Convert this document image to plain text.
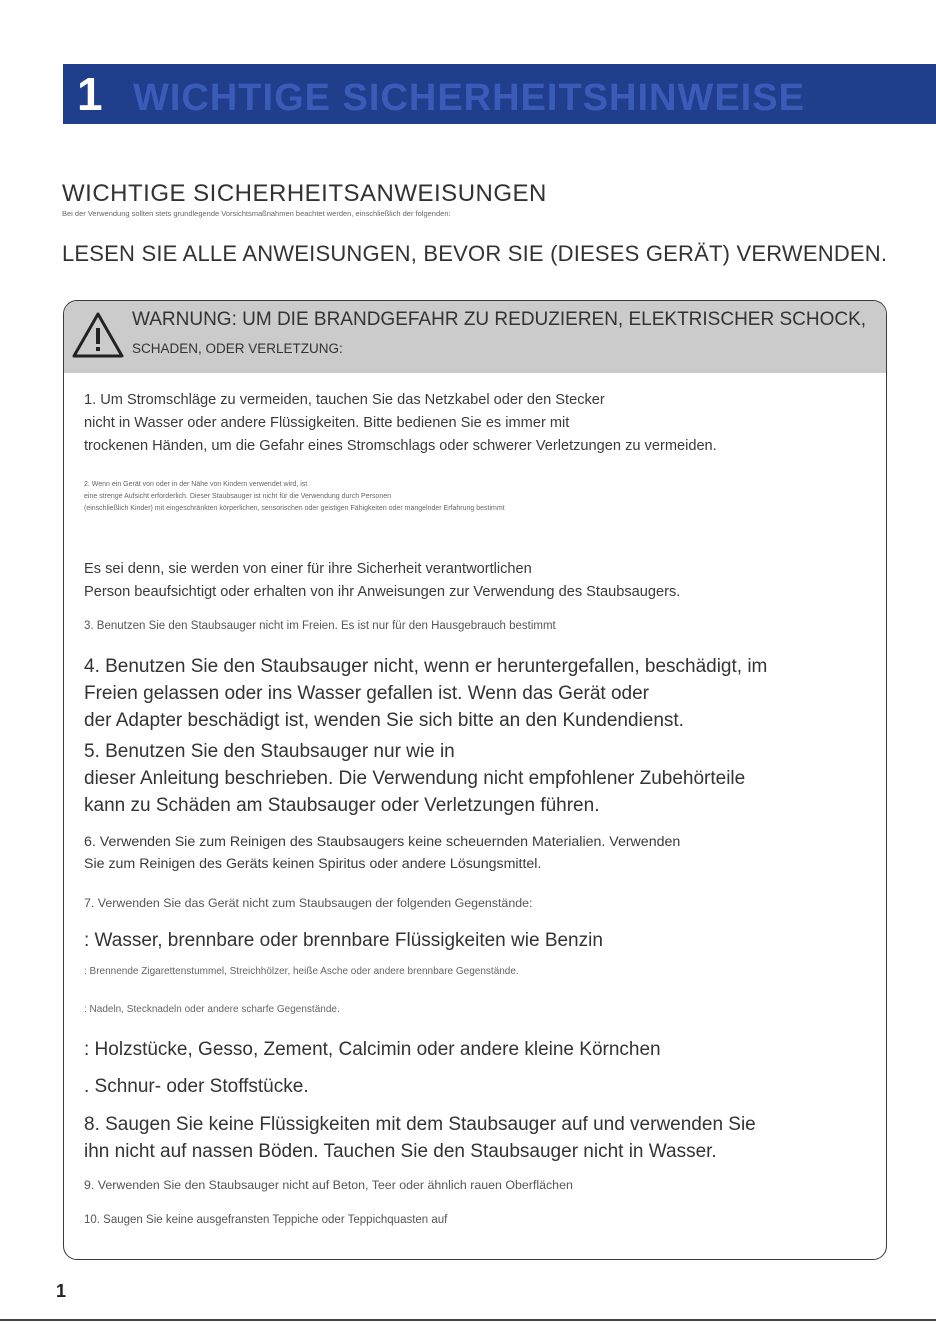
1 WICHTIGE SICHERHEITSHINWEISE
WICHTIGE SICHERHEITSANWEISUNGEN
Bei der Verwendung sollten stets grundlegende Vorsichtsmaßnahmen beachtet werden, einschließlich der folgenden:
LESEN SIE ALLE ANWEISUNGEN, BEVOR SIE (DIESES GERÄT) VERWENDEN.
WARNUNG: UM DIE BRANDGEFAHR ZU REDUZIEREN, ELEKTRISCHER SCHOCK,
SCHADEN, ODER VERLETZUNG:
1. Um Stromschläge zu vermeiden, tauchen Sie das Netzkabel oder den Stecker
nicht in Wasser oder andere Flüssigkeiten. Bitte bedienen Sie es immer mit
trockenen Händen, um die Gefahr eines Stromschlags oder schwerer Verletzungen zu vermeiden.
2. Wenn ein Gerät von oder in der Nähe von Kindern verwendet wird, ist
eine strenge Aufsicht erforderlich. Dieser Staubsauger ist nicht für die Verwendung durch Personen
(einschließlich Kinder) mit eingeschränkten körperlichen, sensorischen oder geistigen Fähigkeiten oder mangelnder Erfahrung bestimmt
Es sei denn, sie werden von einer für ihre Sicherheit verantwortlichen
Person beaufsichtigt oder erhalten von ihr Anweisungen zur Verwendung des Staubsaugers.
3. Benutzen Sie den Staubsauger nicht im Freien. Es ist nur für den Hausgebrauch bestimmt
4. Benutzen Sie den Staubsauger nicht, wenn er heruntergefallen, beschädigt, im
Freien gelassen oder ins Wasser gefallen ist. Wenn das Gerät oder
der Adapter beschädigt ist, wenden Sie sich bitte an den Kundendienst.
5. Benutzen Sie den Staubsauger nur wie in
dieser Anleitung beschrieben. Die Verwendung nicht empfohlener Zubehörteile
kann zu Schäden am Staubsauger oder Verletzungen führen.
6. Verwenden Sie zum Reinigen des Staubsaugers keine scheuernden Materialien. Verwenden
Sie zum Reinigen des Geräts keinen Spiritus oder andere Lösungsmittel.
7. Verwenden Sie das Gerät nicht zum Staubsaugen der folgenden Gegenstände:
: Wasser, brennbare oder brennbare Flüssigkeiten wie Benzin
: Brennende Zigarettenstummel, Streichhölzer, heiße Asche oder andere brennbare Gegenstände.
: Nadeln, Stecknadeln oder andere scharfe Gegenstände.
: Holzstücke, Gesso, Zement, Calcimin oder andere kleine Körnchen
. Schnur- oder Stoffstücke.
8. Saugen Sie keine Flüssigkeiten mit dem Staubsauger auf und verwenden Sie
ihn nicht auf nassen Böden. Tauchen Sie den Staubsauger nicht in Wasser.
9. Verwenden Sie den Staubsauger nicht auf Beton, Teer oder ähnlich rauen Oberflächen
10. Saugen Sie keine ausgefransten Teppiche oder Teppichquasten auf
1
